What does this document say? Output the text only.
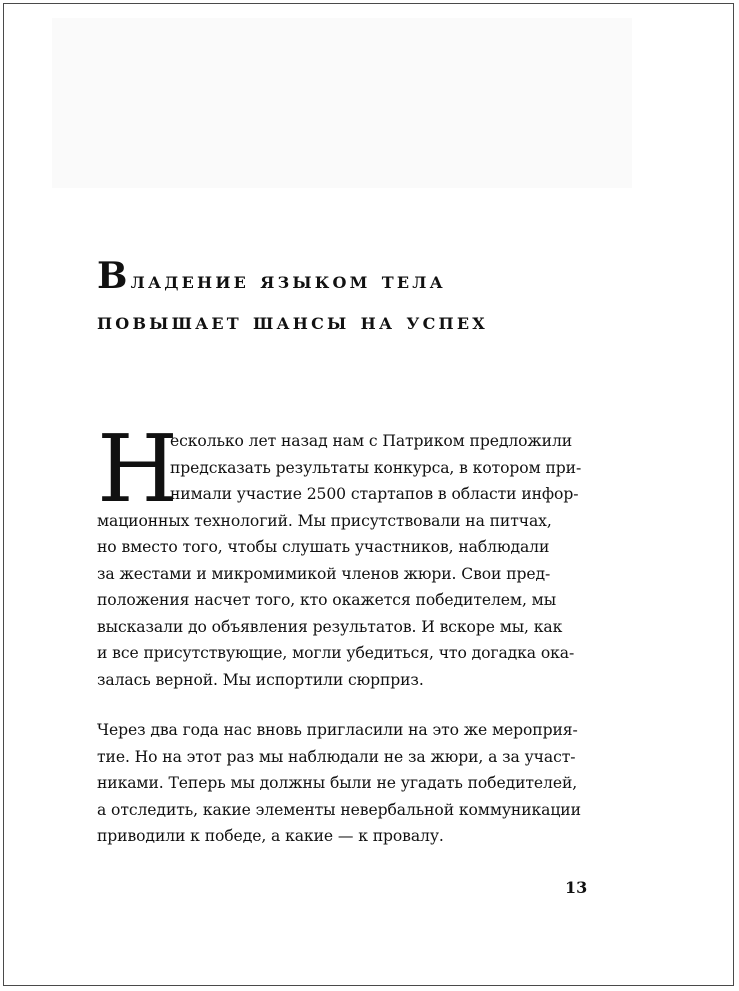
Владение языком тела
повышает шансы на успех
Н
есколько лет назад нам с Патриком предложили
предсказать результаты конкурса, в котором при-
нимали участие 2500 стартапов в области инфор-
мационных технологий. Мы присутствовали на питчах,
но вместо того, чтобы слушать участников, наблюдали
за жестами и микромимикой членов жюри. Свои пред-
положения насчет того, кто окажется победителем, мы
высказали до объявления результатов. И вскоре мы, как
и все присутствующие, могли убедиться, что догадка ока-
залась верной. Мы испортили сюрприз.
Через два года нас вновь пригласили на это же мероприя-
тие. Но на этот раз мы наблюдали не за жюри, а за участ-
никами. Теперь мы должны были не угадать победителей,
а отследить, какие элементы невербальной коммуникации
приводили к победе, а какие — к провалу.
13
